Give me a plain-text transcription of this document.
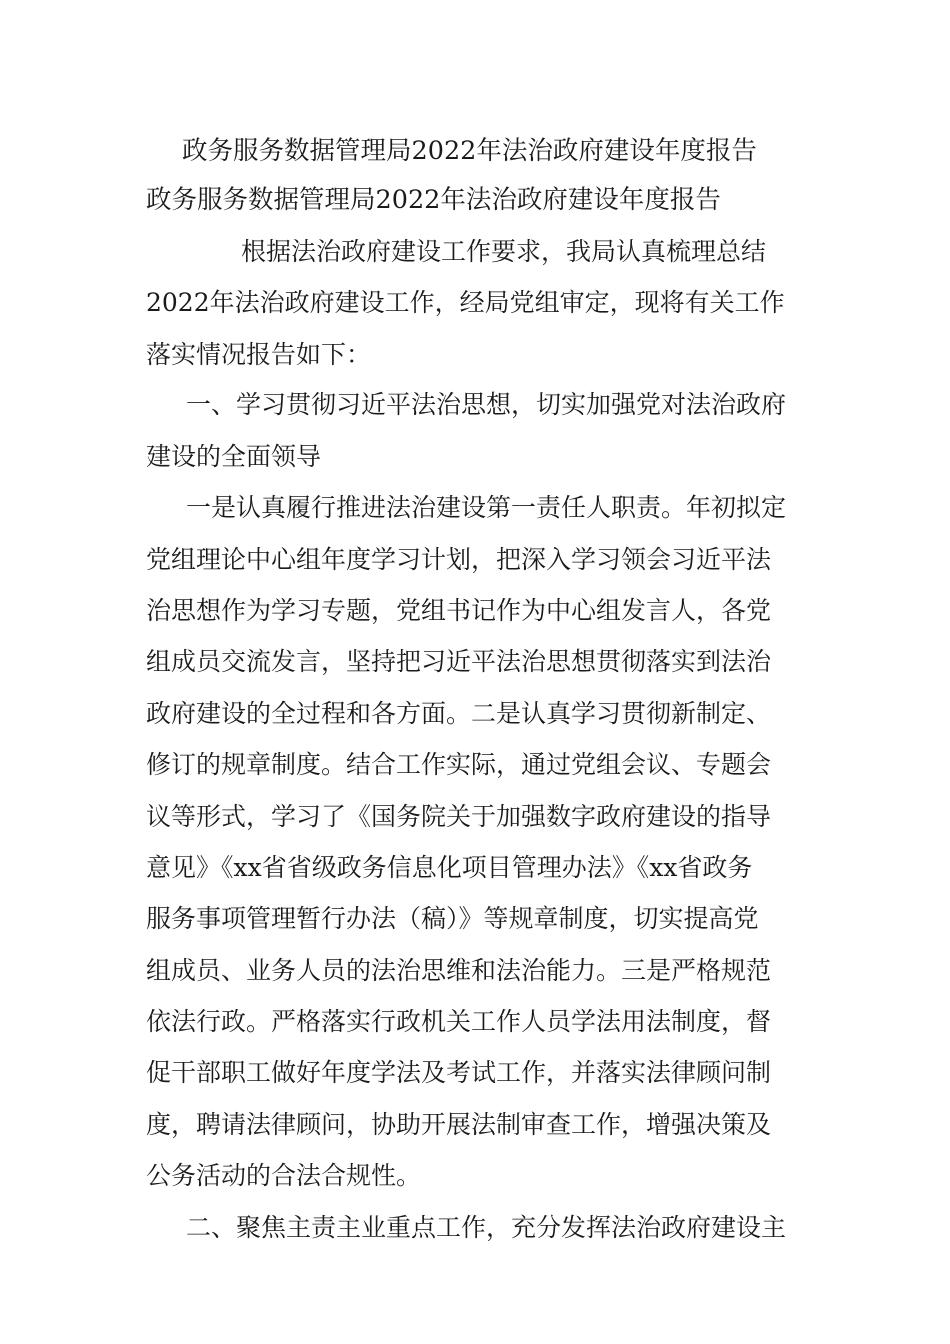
政务服务数据管理局2022年法治政府建设年度报告
政务服务数据管理局2022年法治政府建设年度报告
根据法治政府建设工作要求，我局认真梳理总结
2022年法治政府建设工作，经局党组审定，现将有关工作
落实情况报告如下：
一、学习贯彻习近平法治思想，切实加强党对法治政府
建设的全面领导
一是认真履行推进法治建设第一责任人职责。年初拟定
党组理论中心组年度学习计划，把深入学习领会习近平法
治思想作为学习专题，党组书记作为中心组发言人，各党
组成员交流发言，坚持把习近平法治思想贯彻落实到法治
政府建设的全过程和各方面。二是认真学习贯彻新制定、
修订的规章制度。结合工作实际，通过党组会议、专题会
议等形式，学习了《国务院关于加强数字政府建设的指导
意见》《xx省省级政务信息化项目管理办法》《xx省政务
服务事项管理暂行办法（稿）》等规章制度，切实提高党
组成员、业务人员的法治思维和法治能力。三是严格规范
依法行政。严格落实行政机关工作人员学法用法制度，督
促干部职工做好年度学法及考试工作，并落实法律顾问制
度，聘请法律顾问，协助开展法制审查工作，增强决策及
公务活动的合法合规性。
二、聚焦主责主业重点工作，充分发挥法治政府建设主
